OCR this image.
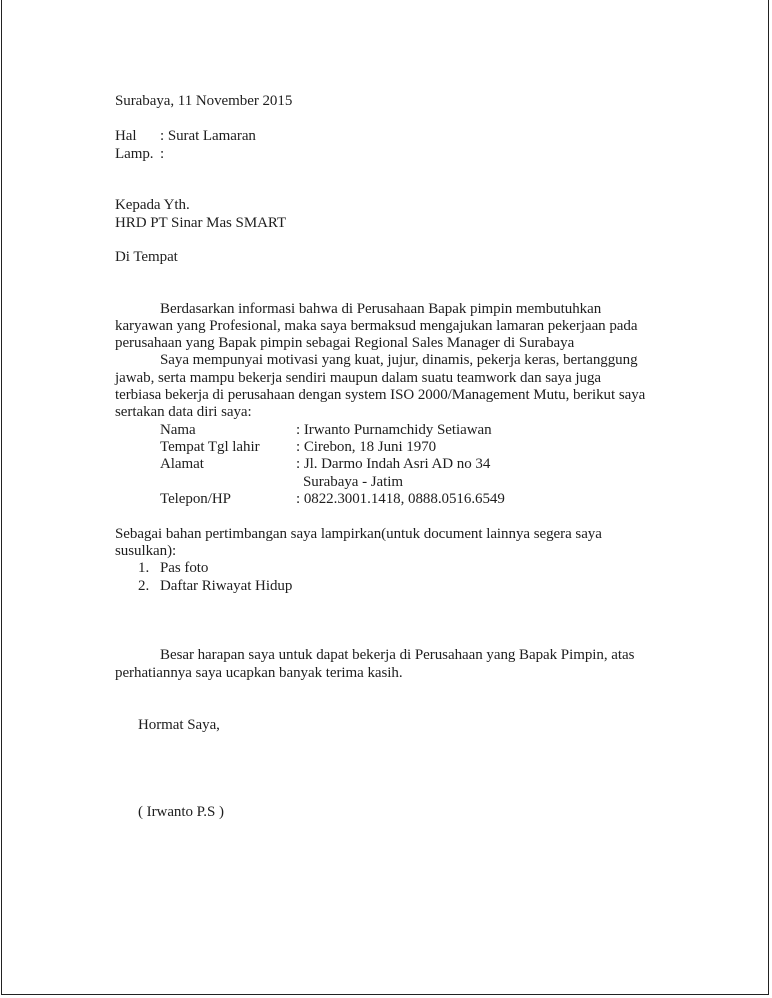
Surabaya, 11 November 2015
Hal : Surat Lamaran
Lamp. :
Kepada Yth.
HRD PT Sinar Mas SMART
Di Tempat
Berdasarkan informasi bahwa di Perusahaan Bapak pimpin membutuhkan
karyawan yang Profesional, maka saya bermaksud mengajukan lamaran pekerjaan pada
perusahaan yang Bapak pimpin sebagai Regional Sales Manager di Surabaya
Saya mempunyai motivasi yang kuat, jujur, dinamis, pekerja keras, bertanggung
jawab, serta mampu bekerja sendiri maupun dalam suatu teamwork dan saya juga
terbiasa bekerja di perusahaan dengan system ISO 2000/Management Mutu, berikut saya
sertakan data diri saya:
Nama	: Irwanto Purnamchidy Setiawan
Tempat Tgl lahir : Cirebon, 18 Juni 1970
Alamat	: Jl. Darmo Indah Asri AD no 34
Surabaya - Jatim
Telepon/HP	: 0822.3001.1418, 0888.0516.6549
Sebagai bahan pertimbangan saya lampirkan(untuk document lainnya segera saya
susulkan):
1. Pas foto
2. Daftar Riwayat Hidup
Besar harapan saya untuk dapat bekerja di Perusahaan yang Bapak Pimpin, atas
perhatiannya saya ucapkan banyak terima kasih.
Hormat Saya,
( Irwanto P.S )
